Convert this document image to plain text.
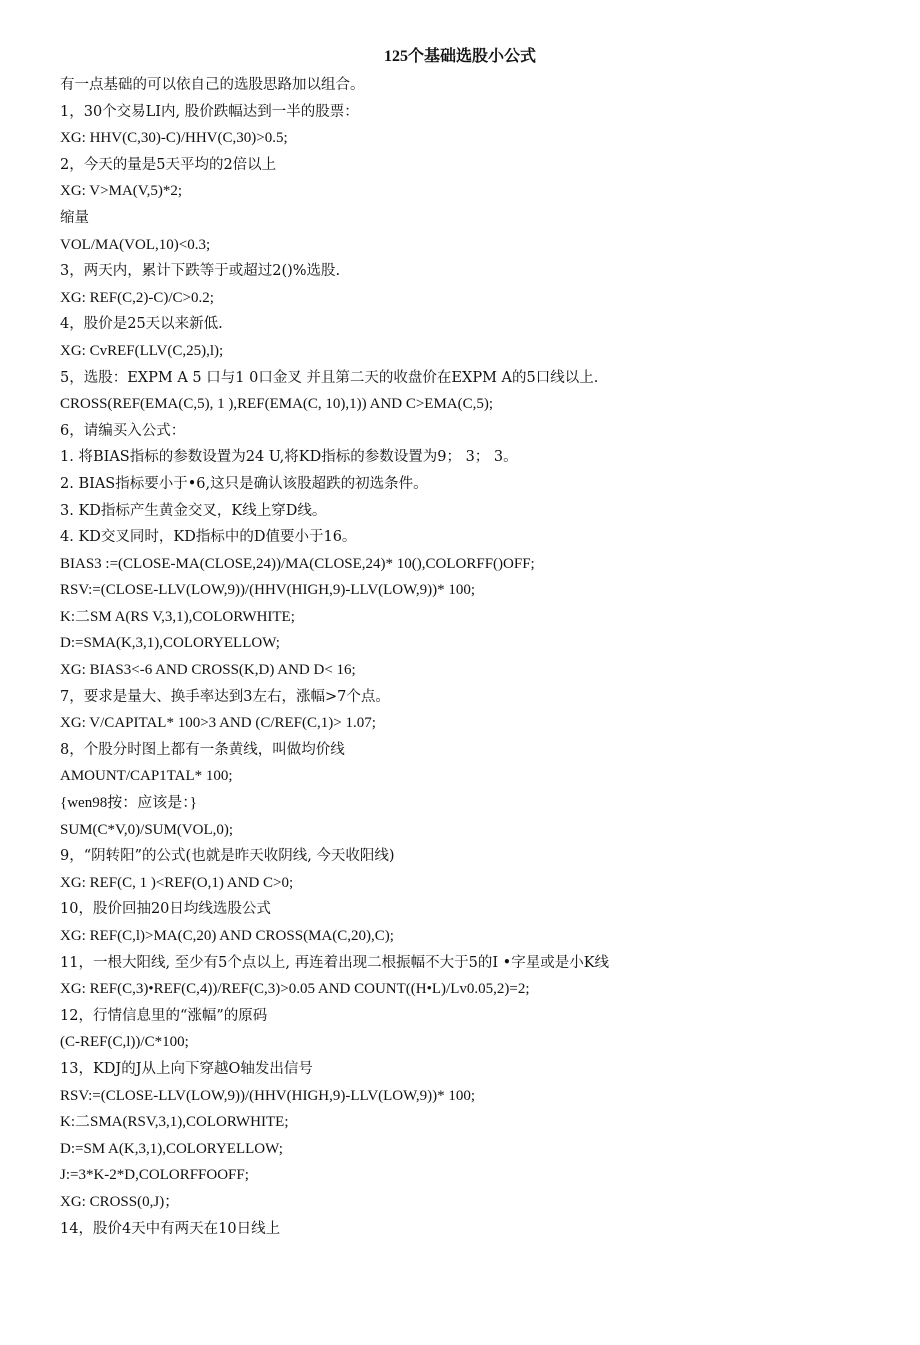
125个基础选股小公式
有一点基础的可以依自己的选股思路加以组合。
1，30个交易LI内, 股价跌幅达到一半的股票：
XG: HHV(C,30)-C)/HHV(C,30)>0.5;
2，今天的量是5天平均的2倍以上
XG: V>MA(V,5)*2;
缩量
VOL/MA(VOL,10)<0.3;
3，两天内，累计下跌等于或超过2()%选股.
XG: REF(C,2)-C)/C>0.2;
4，股价是25天以来新低.
XG: CvREF(LLV(C,25),l);
5，选股：EXPM A 5 口与1 0口金叉 并且第二天的收盘价在EXPM A的5口线以上.
CROSS(REF(EMA(C,5), 1 ),REF(EMA(C, 10),1)) AND C>EMA(C,5);
6，请编买入公式：
1. 将BIAS指标的参数设置为24 U,将KD指标的参数设置为9； 3； 3。
2. BIAS指标要小于•6,这只是确认该股超跌的初选条件。
3. KD指标产生黄金交叉，K线上穿D线。
4. KD交叉同时，KD指标中的D值要小于16。
BIAS3 :=(CLOSE-MA(CLOSE,24))/MA(CLOSE,24)* 10(),COLORFF()OFF;
RSV:=(CLOSE-LLV(LOW,9))/(HHV(HIGH,9)-LLV(LOW,9))* 100;
K:二SM A(RS V,3,1),COLORWHITE;
D:=SMA(K,3,1),COLORYELLOW;
XG: BIAS3<-6 AND CROSS(K,D) AND D< 16;
7，要求是量大、换手率达到3左右，涨幅>7个点。
XG: V/CAPITAL* 100>3 AND (C/REF(C,1)> 1.07;
8，个股分时图上都有一条黄线，叫做均价线
AMOUNT/CAP1TAL* 100;
{wen98按：应该是：}
SUM(C*V,0)/SUM(VOL,0);
9，“阴转阳”的公式(也就是昨天收阴线, 今天收阳线)
XG: REF(C, 1 )<REF(O,1) AND C>0;
10，股价回抽20日均线选股公式
XG: REF(C,l)>MA(C,20) AND CROSS(MA(C,20),C);
11，一根大阳线, 至少有5个点以上, 再连着出现二根振幅不大于5的I •字星或是小K线
XG: REF(C,3)•REF(C,4))/REF(C,3)>0.05 AND COUNT((H•L)/Lv0.05,2)=2;
12，行情信息里的“涨幅”的原码
(C-REF(C,l))/C*100;
13，KDJ的J从上向下穿越O轴发出信号
RSV:=(CLOSE-LLV(LOW,9))/(HHV(HIGH,9)-LLV(LOW,9))* 100;
K:二SMA(RSV,3,1),COLORWHITE;
D:=SM A(K,3,1),COLORYELLOW;
J:=3*K-2*D,COLORFFOOFF;
XG: CROSS(0,J)；
14，股价4天中有两天在10日线上
